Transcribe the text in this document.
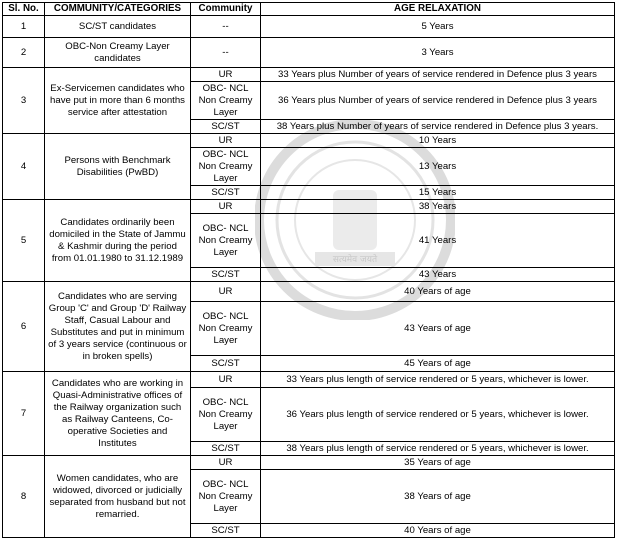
सत्यमेव जयते
Sl. No.	COMMUNITY/CATEGORIES	Community	AGE RELAXATION
1	SC/ST candidates	--	5 Years
2	OBC-Non Creamy Layer candidates	--	3 Years
3	Ex-Servicemen candidates who have put in more than 6 months service after attestation	UR	33 Years plus Number of years of service rendered in Defence plus 3 years
		OBC- NCL Non Creamy Layer	36 Years plus Number of years of service rendered in Defence plus 3 years
		SC/ST	38 Years plus Number of years of service rendered in Defence plus 3 years.
4	Persons with Benchmark Disabilities (PwBD)	UR	10 Years
		OBC- NCL Non Creamy Layer	13 Years
		SC/ST	15 Years
5	Candidates ordinarily been domiciled in the State of Jammu & Kashmir during the period from 01.01.1980 to 31.12.1989	UR	38 Years
		OBC- NCL Non Creamy Layer	41 Years
		SC/ST	43 Years
6	Candidates who are serving Group 'C' and Group 'D' Railway Staff, Casual Labour and Substitutes and put in minimum of 3 years service (continuous or in broken spells)	UR	40 Years of age
		OBC- NCL Non Creamy Layer	43 Years of age
		SC/ST	45 Years of age
7	Candidates who are working in Quasi-Administrative offices of the Railway organization such as Railway Canteens, Co-operative Societies and Institutes	UR	33 Years plus length of service rendered or 5 years, whichever is lower.
		OBC- NCL Non Creamy Layer	36 Years plus length of service rendered or 5 years, whichever is lower.
		SC/ST	38 Years plus length of service rendered or 5 years, whichever is lower.
8	Women candidates, who are widowed, divorced or judicially separated from husband but not remarried.	UR	35 Years of age
		OBC- NCL Non Creamy Layer	38 Years of age
		SC/ST	40 Years of age
